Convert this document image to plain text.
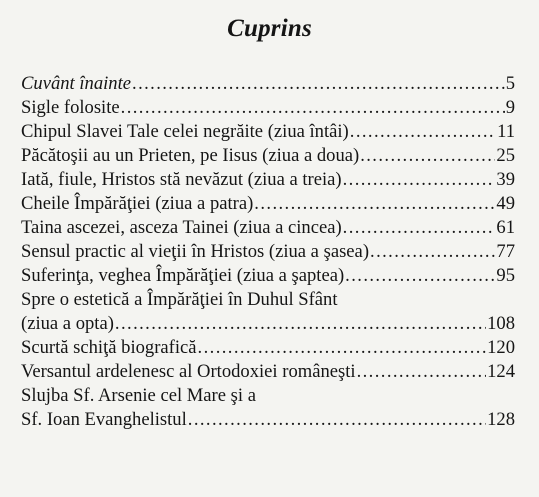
Cuprins
Cuvânt înainte .....	5
Sigle folosite .....	9
Chipul Slavei Tale celei negrăite (ziua întâi) .....	11
Păcătoşii au un Prieten, pe Iisus (ziua a doua) .....	25
Iată, fiule, Hristos stă nevăzut (ziua a treia) .....	39
Cheile Împărăţiei (ziua a patra) .....	49
Taina ascezei, asceza Tainei (ziua a cincea) .....	61
Sensul practic al vieţii în Hristos (ziua a şasea) .....	77
Suferinţa, veghea Împărăţiei (ziua a şaptea) .....	95
Spre o estetică a Împărăţiei în Duhul Sfânt
(ziua a opta) .....	108
Scurtă schiţă biografică .....	120
Versantul ardelenesc al Ortodoxiei româneşti .....	124
Slujba Sf. Arsenie cel Mare şi a
Sf. Ioan Evanghelistul .....	128
